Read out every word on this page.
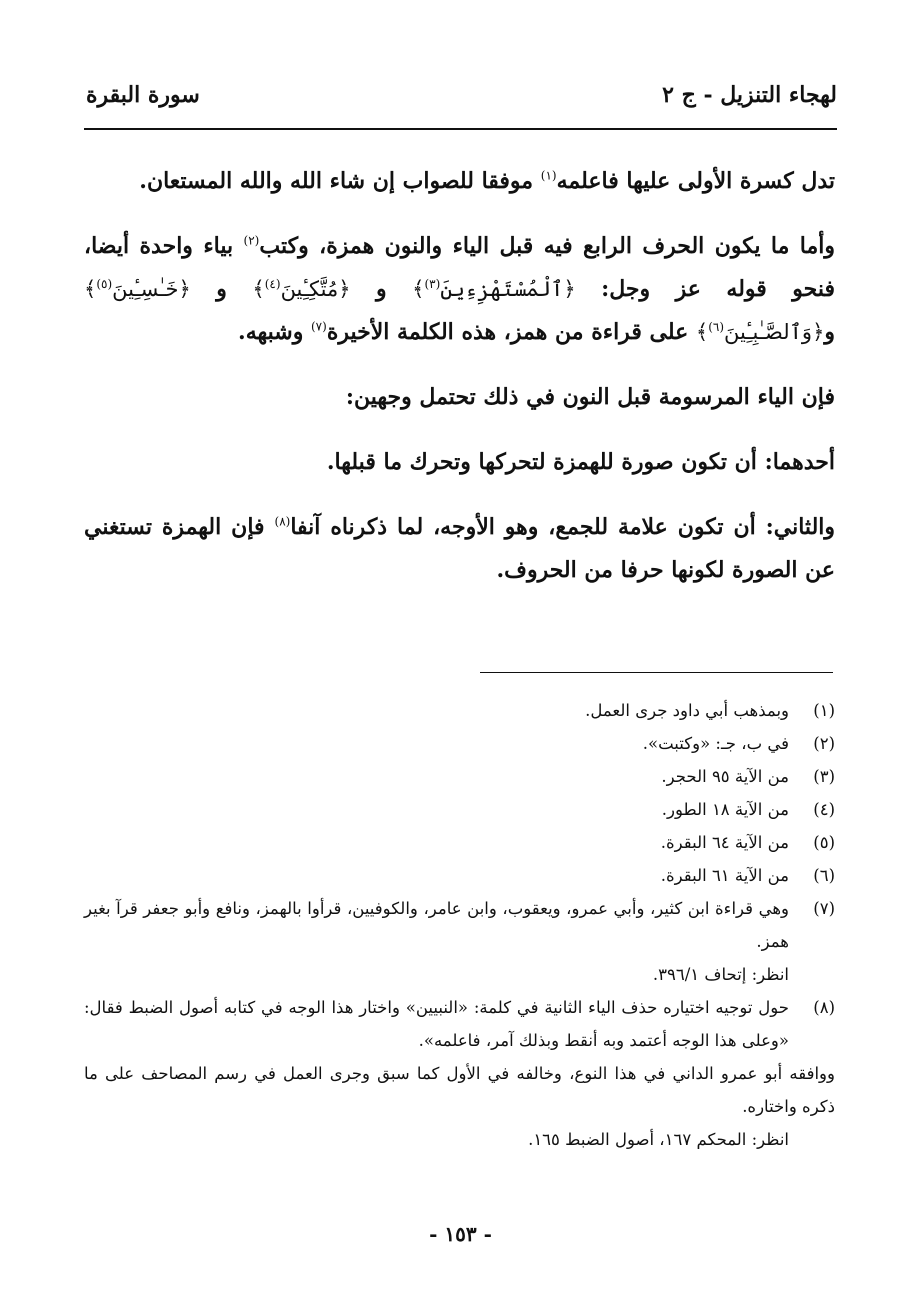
لهجاء التنزيل - ج ٢
سورة البقرة

تدل كسرة الأولى عليها فاعلمه$^{(١)}$ موفقا للصواب إن شاء الله والله المستعان.

وأما ما يكون الحرف الرابع فيه قبل الياء والنون همزة، وكتب$^{(٢)}$ بياء واحدة أيضا، فنحو قوله عز وجل: ﴿ٱلْمُسْتَهْزِءِينَ$^{(٣)}$﴾ و ﴿مُتَّكِـِٔينَ$^{(٤)}$﴾ و ﴿خَـٰسِـِٔينَ$^{(٥)}$﴾ و﴿وَٱلصَّـٰبِـِٔينَ$^{(٦)}$﴾ على قراءة من همز، هذه الكلمة الأخيرة$^{(٧)}$ وشبهه.

فإن الياء المرسومة قبل النون في ذلك تحتمل وجهين:

أحدهما: أن تكون صورة للهمزة لتحركها وتحرك ما قبلها.

والثاني: أن تكون علامة للجمع، وهو الأوجه، لما ذكرناه آنفا$^{(٨)}$ فإن الهمزة تستغني عن الصورة لكونها حرفا من الحروف.

(١)
وبمذهب أبي داود جرى العمل.
(٢)
في ب، جـ: «وكتبت».
(٣)
من الآية ٩٥ الحجر.
(٤)
من الآية ١٨ الطور.
(٥)
من الآية ٦٤ البقرة.
(٦)
من الآية ٦١ البقرة.
(٧)
وهي قراءة ابن كثير، وأبي عمرو، ويعقوب، وابن عامر، والكوفيين، قرأوا بالهمز، ونافع وأبو جعفر قرآ بغير همز.
انظر: إتحاف ٣٩٦/١.
(٨)
حول توجيه اختياره حذف الياء الثانية في كلمة: «النبيين» واختار هذا الوجه في كتابه أصول الضبط فقال: «وعلى هذا الوجه أعتمد وبه أنقط وبذلك آمر، فاعلمه».
ووافقه أبو عمرو الداني في هذا النوع، وخالفه في الأول كما سبق وجرى العمل في رسم المصاحف على ما ذكره واختاره.
انظر: المحكم ١٦٧، أصول الضبط ١٦٥.
- ١٥٣ -
